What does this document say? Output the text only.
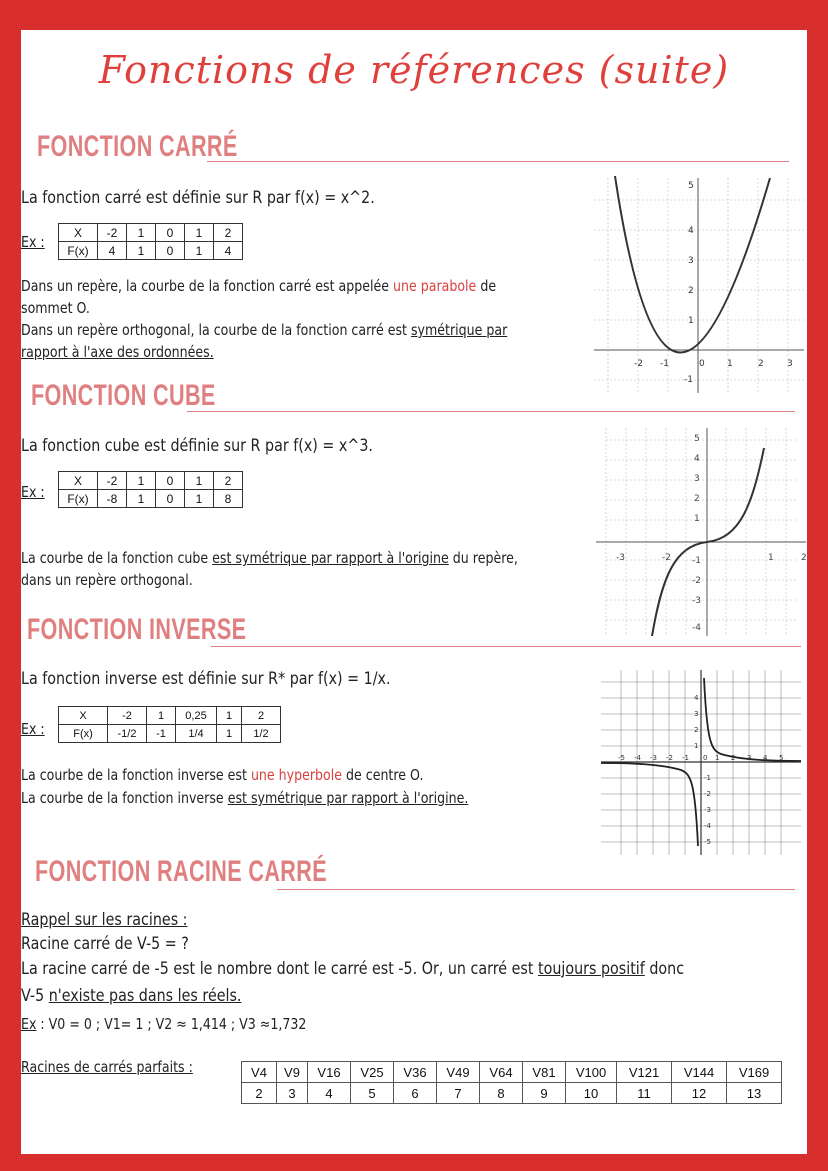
Fonctions de références (suite)
FONCTION CARRÉ
La fonction carré est définie sur R par f(x) = x^2.
Ex :
X	-2	1	0	1	2
F(x)	4	1	0	1	4
Dans un repère, la courbe de la fonction carré est appelée une parabole de
sommet O.
Dans un repère orthogonal, la courbe de la fonction carré est symétrique par
rapport à l'axe des ordonnées.
-2 -1	0 1	2	3
-1
1
2
3
4
5
FONCTION CUBE
La fonction cube est définie sur R par f(x) = x^3.
Ex :
X	-2	1	0	1	2
F(x)	-8	1	0	1	8
La courbe de la fonction cube est symétrique par rapport à l'origine du repère,
dans un repère orthogonal.
-3	-2	1	2
5
4
3
2
1
-1
-2
-3
-4
FONCTION INVERSE
La fonction inverse est définie sur R* par f(x) = 1/x.
Ex :
X	-2	1	0,25	1	2
F(x)	-1/2	-1	1/4	1	1/2
La courbe de la fonction inverse est une hyperbole de centre O.
La courbe de la fonction inverse est symétrique par rapport à l'origine.
-5 -4 -3 -2 -1 0 1 2 3 4 5
4
3
2
1
-1
-2
-3
-4
-5
FONCTION RACINE CARRÉ
Rappel sur les racines :
Racine carré de V-5 = ?
La racine carré de -5 est le nombre dont le carré est -5. Or, un carré est toujours positif donc
V-5 n'existe pas dans les réels.
Ex : V0 = 0 ; V1= 1 ; V2 ≈ 1,414 ; V3 ≈1,732
Racines de carrés parfaits :	V4	V9	V16	V25	V36	V49	V64	V81	V100	V121	V144	V169
2	3	4	5	6	7	8	9	10	11	12	13
